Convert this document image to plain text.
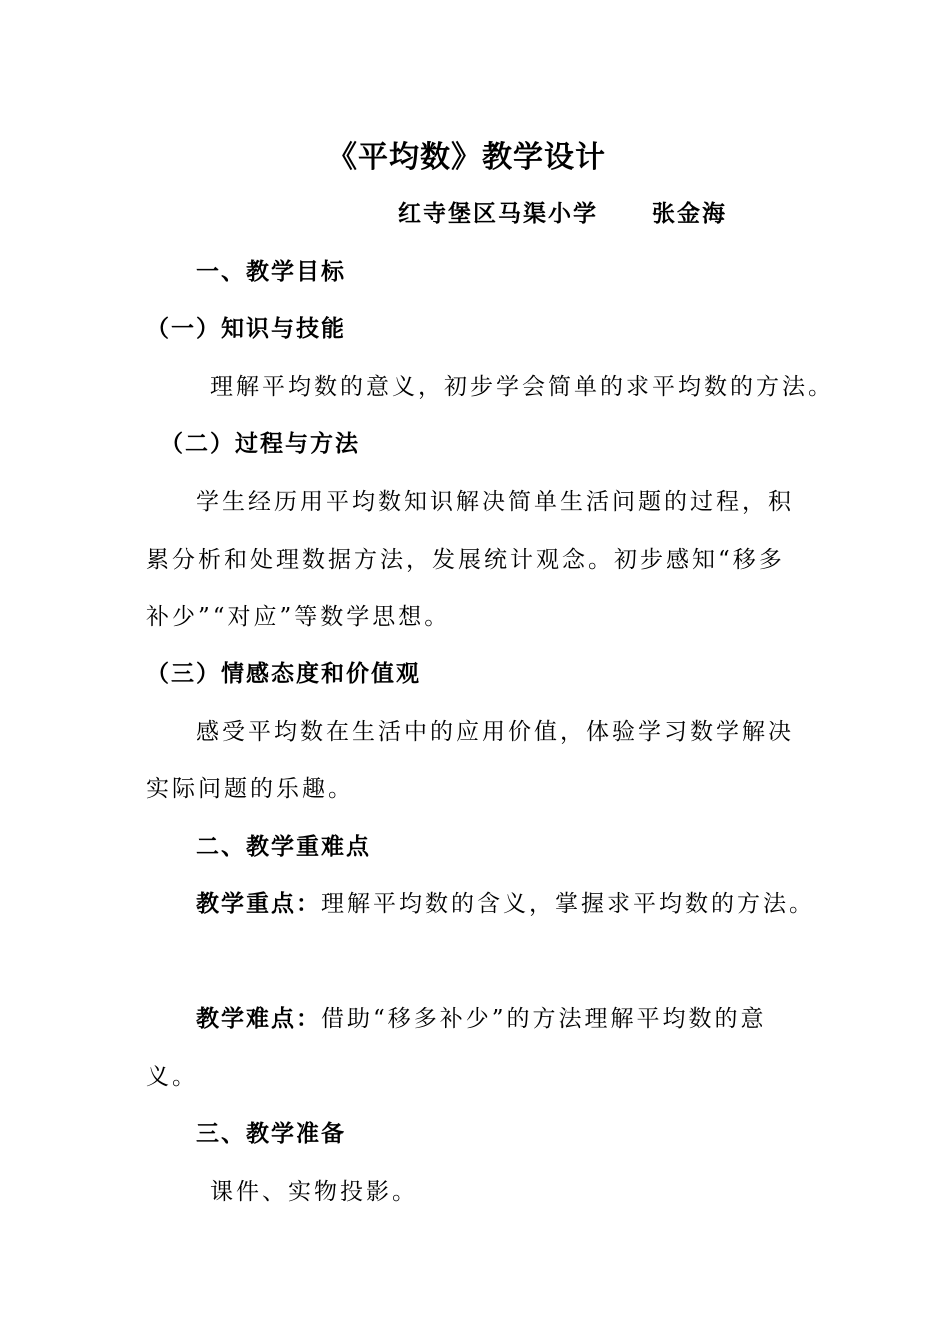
《平均数》教学设计
红寺堡区马渠小学 张金海
一、教学目标
（一）知识与技能
理解平均数的意义，初步学会简单的求平均数的方法。
（二）过程与方法
学生经历用平均数知识解决简单生活问题的过程，积
累分析和处理数据方法，发展统计观念。初步感知“移多
补少”“对应”等数学思想。
（三）情感态度和价值观
感受平均数在生活中的应用价值，体验学习数学解决
实际问题的乐趣。
二、教学重难点
教学重点：理解平均数的含义，掌握求平均数的方法。
教学难点：借助“移多补少”的方法理解平均数的意
义。
三、教学准备
课件、实物投影。
